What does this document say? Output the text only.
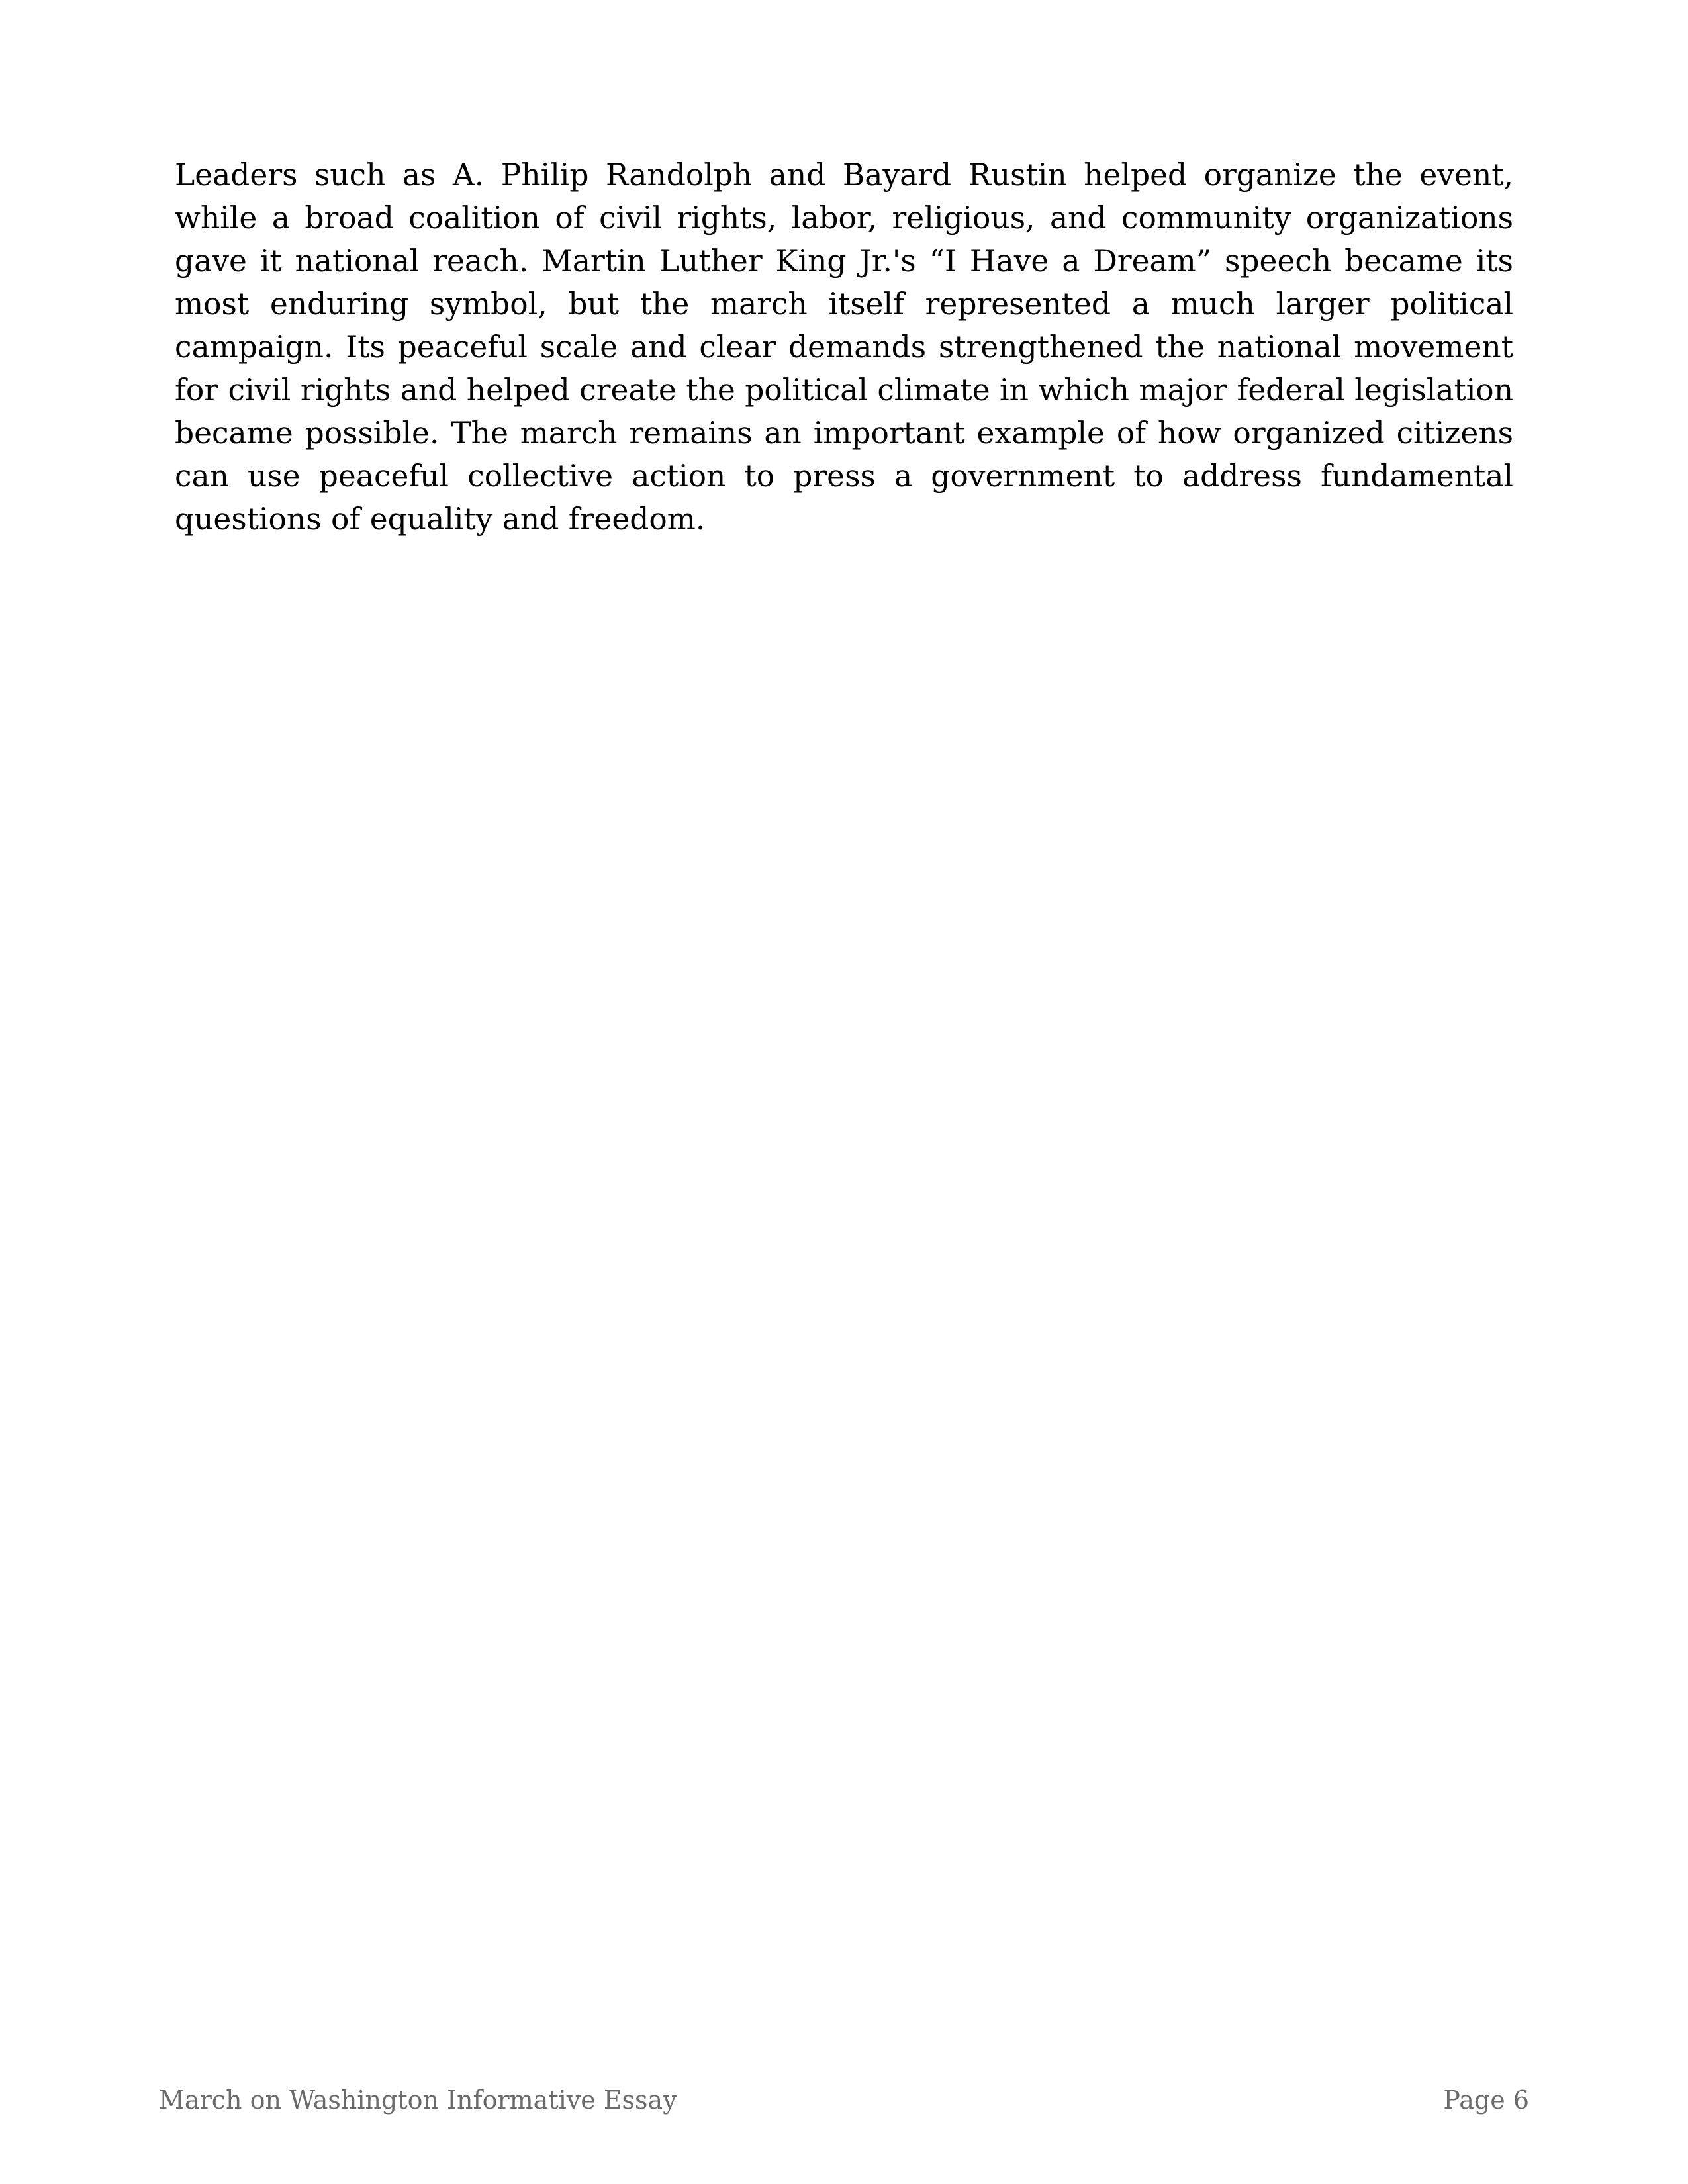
Leaders such as A. Philip Randolph and Bayard Rustin helped organize the event, while a broad coalition of civil rights, labor, religious, and community organizations gave it national reach. Martin Luther King Jr.'s “I Have a Dream” speech became its most enduring symbol, but the march itself represented a much larger political campaign. Its peaceful scale and clear demands strengthened the national movement for civil rights and helped create the political climate in which major federal legislation became possible. The march remains an important example of how organized citizens can use peaceful collective action to press a government to address fundamental questions of equality and freedom.

March on Washington Informative Essay	Page 6
